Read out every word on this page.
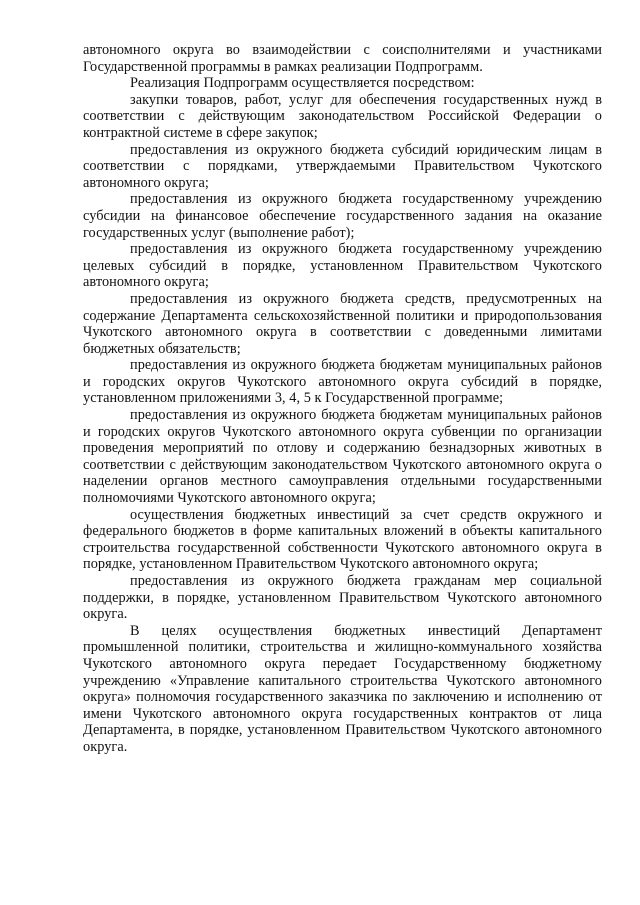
автономного округа во взаимодействии с соисполнителями и участниками Государственной программы в рамках реализации Подпрограмм.

Реализация Подпрограмм осуществляется посредством:

закупки товаров, работ, услуг для обеспечения государственных нужд в соответствии с действующим законодательством Российской Федерации о контрактной системе в сфере закупок;

предоставления из окружного бюджета субсидий юридическим лицам в соответствии с порядками, утверждаемыми Правительством Чукотского автономного округа;

предоставления из окружного бюджета государственному учреждению субсидии на финансовое обеспечение государственного задания на оказание государственных услуг (выполнение работ);

предоставления из окружного бюджета государственному учреждению целевых субсидий в порядке, установленном Правительством Чукотского автономного округа;

предоставления из окружного бюджета средств, предусмотренных на содержание Департамента сельскохозяйственной политики и природопользования Чукотского автономного округа в соответствии с доведенными лимитами бюджетных обязательств;

предоставления из окружного бюджета бюджетам муниципальных районов и городских округов Чукотского автономного округа субсидий в порядке, установленном приложениями 3, 4, 5 к Государственной программе;

предоставления из окружного бюджета бюджетам муниципальных районов и городских округов Чукотского автономного округа субвенции по организации проведения мероприятий по отлову и содержанию безнадзорных животных в соответствии с действующим законодательством Чукотского автономного округа о наделении органов местного самоуправления отдельными государственными полномочиями Чукотского автономного округа;

осуществления бюджетных инвестиций за счет средств окружного и федерального бюджетов в форме капитальных вложений в объекты капитального строительства государственной собственности Чукотского автономного округа в порядке, установленном Правительством Чукотского автономного округа;

предоставления из окружного бюджета гражданам мер социальной поддержки, в порядке, установленном Правительством Чукотского автономного округа.

В целях осуществления бюджетных инвестиций Департамент промышленной политики, строительства и жилищно-коммунального хозяйства Чукотского автономного округа передает Государственному бюджетному учреждению «Управление капитального строительства Чукотского автономного округа» полномочия государственного заказчика по заключению и исполнению от имени Чукотского автономного округа государственных контрактов от лица Департамента, в порядке, установленном Правительством Чукотского автономного округа.
